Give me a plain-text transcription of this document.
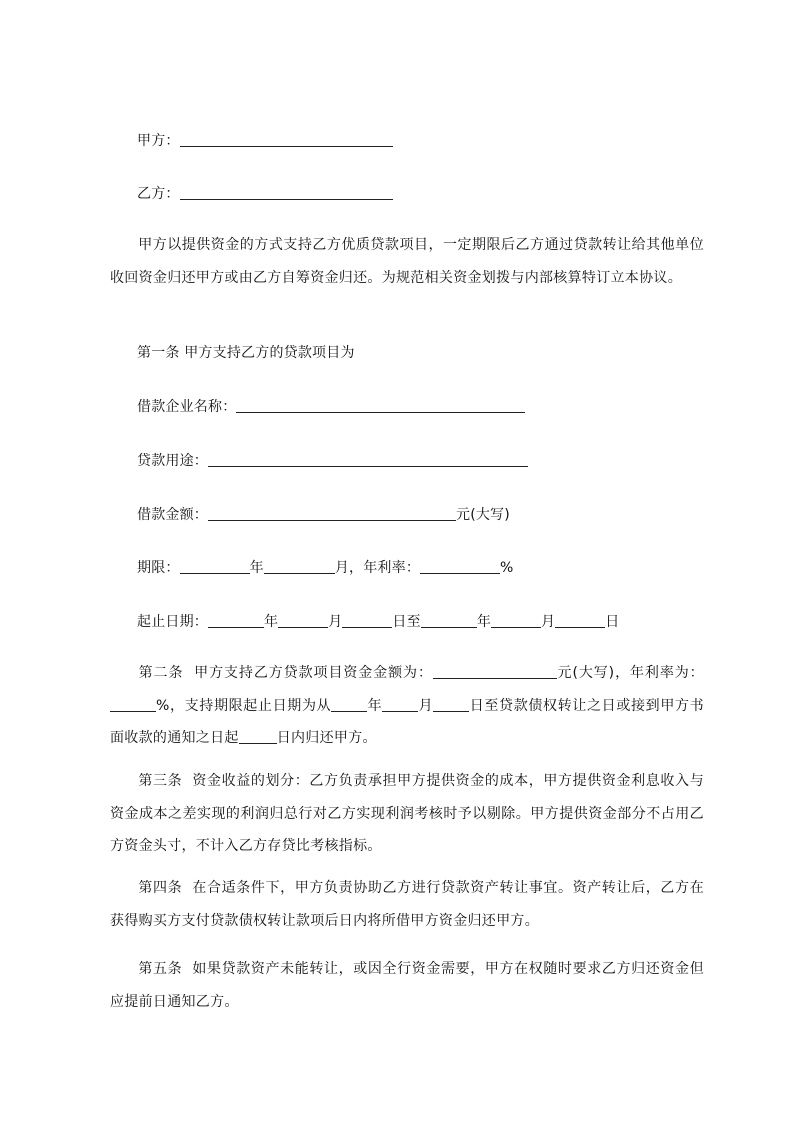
甲方：
乙方：
甲方以提供资金的方式支持乙方优质贷款项目，一定期限后乙方通过贷款转让给其他单位收回资金归还甲方或由乙方自筹资金归还。为规范相关资金划拨与内部核算特订立本协议。
第一条 甲方支持乙方的贷款项目为
借款企业名称：
贷款用途：
借款金额：	元(大写)
期限：	年	月，年利率：	%
起止日期：	年	月	日至	年	月	日
第二条 甲方支持乙方贷款项目资金金额为：	元(大写)，年利率为：%，支持期限起止日期为从	年	月	日至贷款债权转让之日或接到甲方书面收款的通知之日起	日内归还甲方。
第三条 资金收益的划分：乙方负责承担甲方提供资金的成本，甲方提供资金利息收入与资金成本之差实现的利润归总行对乙方实现利润考核时予以剔除。甲方提供资金部分不占用乙方资金头寸，不计入乙方存贷比考核指标。
第四条 在合适条件下，甲方负责协助乙方进行贷款资产转让事宜。资产转让后，乙方在获得购买方支付贷款债权转让款项后日内将所借甲方资金归还甲方。
第五条 如果贷款资产未能转让，或因全行资金需要，甲方在权随时要求乙方归还资金但应提前日通知乙方。
